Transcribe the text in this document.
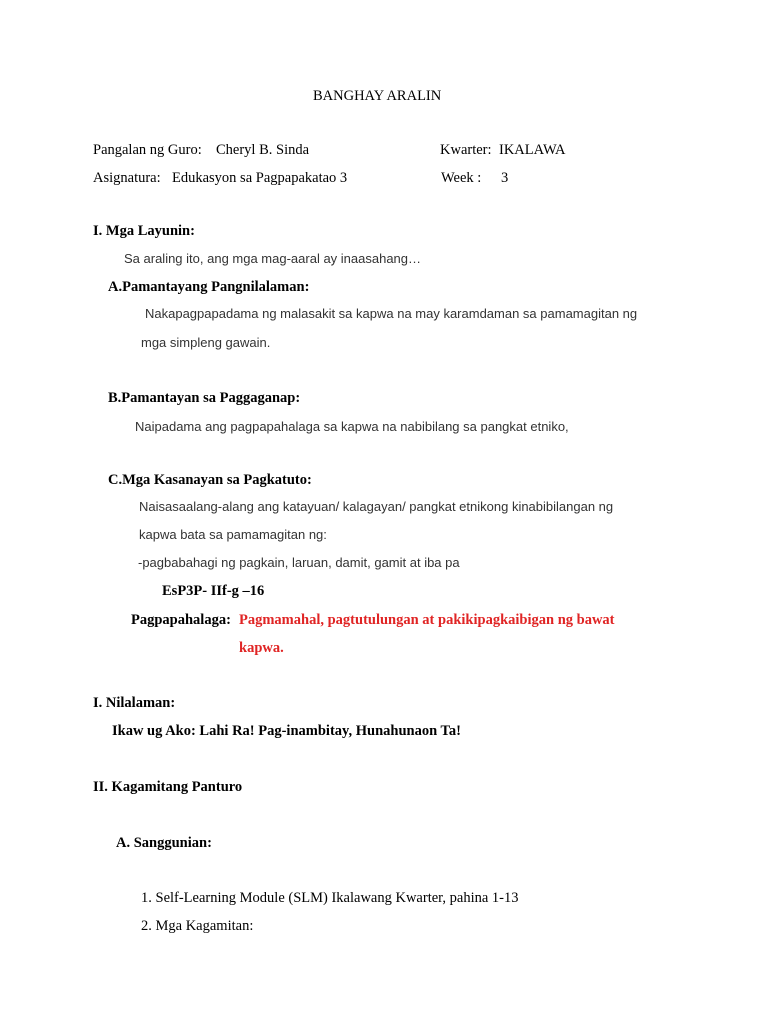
BANGHAY ARALIN
Pangalan ng Guro: Cheryl B. Sinda	Kwarter: IKALAWA
Asignatura: Edukasyon sa Pagpapakatao 3	Week : 3
I. Mga Layunin:
Sa araling ito, ang mga mag-aaral ay inaasahang…
A.Pamantayang Pangnilalaman:
Nakapagpapadama ng malasakit sa kapwa na may karamdaman sa pamamagitan ng
mga simpleng gawain.
B.Pamantayan sa Paggaganap:
Naipadama ang pagpapahalaga sa kapwa na nabibilang sa pangkat etniko,
C.Mga Kasanayan sa Pagkatuto:
Naisasaalang-alang ang katayuan/ kalagayan/ pangkat etnikong kinabibilangan ng
kapwa bata sa pamamagitan ng:
-pagbabahagi ng pagkain, laruan, damit, gamit at iba pa
EsP3P- IIf-g –16
Pagpapahalaga: Pagmamahal, pagtutulungan at pakikipagkaibigan ng bawat
kapwa.
I. Nilalaman:
Ikaw ug Ako: Lahi Ra! Pag-inambitay, Hunahunaon Ta!
II. Kagamitang Panturo
A. Sanggunian:
1. Self-Learning Module (SLM) Ikalawang Kwarter, pahina 1-13
2. Mga Kagamitan:
